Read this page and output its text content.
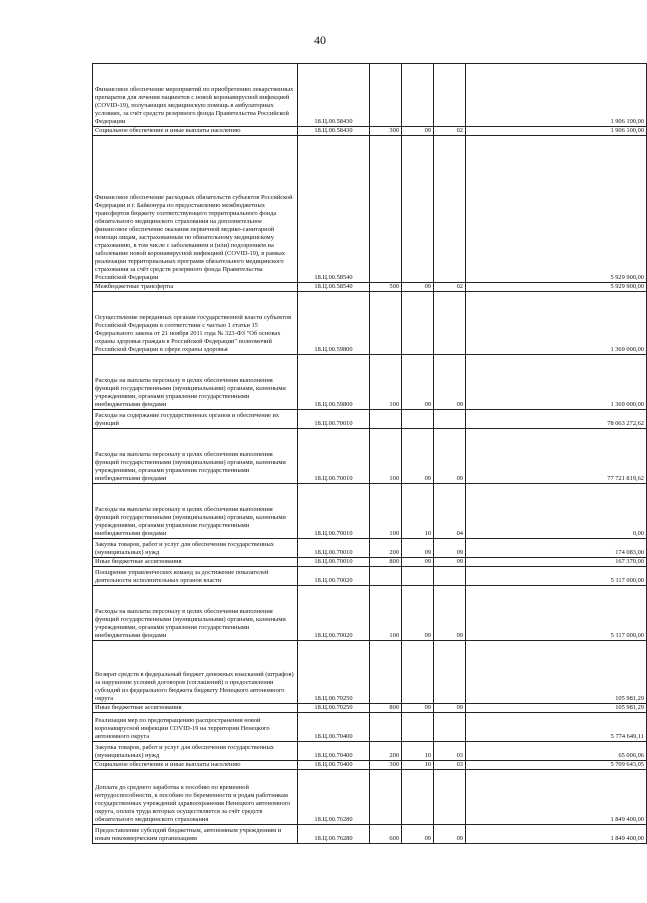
40
Финансовое обеспечение мероприятий по приобретению лекарственных препаратов для лечения пациентов с новой коронавирусной инфекцией (COVID-19), получающих медицинскую помощь в амбулаторных условиях, за счёт средств резервного фонда Правительства Российской Федерации	18.Ц.00.58430				1 906 100,00
Социальное обеспечение и иные выплаты населению	18.Ц.00.58430	300	09	02	1 906 100,00
Финансовое обеспечение расходных обязательств субъектов Российской Федерации и г. Байконура по предоставлению межбюджетных трансфертов бюджету соответствующего территориального фонда обязательного медицинского страхования на дополнительное финансовое обеспечение оказания первичной медико-санитарной помощи лицам, застрахованным по обязательному медицинскому страхованию, в том числе с заболеванием и (или) подозрением на заболевание новой коронавирусной инфекцией (COVID-19), в рамках реализации территориальных программ обязательного медицинского страхования за счёт средств резервного фонда Правительства Российской Федерации	18.Ц.00.58540				5 929 900,00
Межбюджетные трансферты	18.Ц.00.58540	500	09	02	5 929 900,00
Осуществление переданных органам государственной власти субъектов Российской Федерации в соответствии с частью 1 статьи 15 Федерального закона от 21 ноября 2011 года № 323-ФЗ "Об основах охраны здоровья граждан в Российской Федерации" полномочий Российской Федерации в сфере охраны здоровья	18.Ц.00.59800				1 369 000,00
Расходы на выплаты персоналу в целях обеспечения выполнения функций государственными (муниципальными) органами, казенными учреждениями, органами управления государственными внебюджетными фондами	18.Ц.00.59800	100	09	09	1 369 000,00
Расходы на содержание государственных органов и обеспечение их функций	18.Ц.00.70010				78 063 272,62
Расходы на выплаты персоналу в целях обеспечения выполнения функций государственными (муниципальными) органами, казенными учреждениями, органами управления государственными внебюджетными фондами	18.Ц.00.70010	100	09	09	77 721 819,62
Расходы на выплаты персоналу в целях обеспечения выполнения функций государственными (муниципальными) органами, казенными учреждениями, органами управления государственными внебюджетными фондами	18.Ц.00.70010	100	10	04	0,00
Закупка товаров, работ и услуг для обеспечения государственных (муниципальных) нужд	18.Ц.00.70010	200	09	09	174 083,00
Иные бюджетные ассигнования	18.Ц.00.70010	800	09	09	167 370,00
Поощрение управленческих команд за достижение показателей деятельности исполнительных органов власти	18.Ц.00.70020				5 117 000,00
Расходы на выплаты персоналу в целях обеспечения выполнения функций государственными (муниципальными) органами, казенными учреждениями, органами управления государственными внебюджетными фондами	18.Ц.00.70020	100	09	09	5 117 000,00
Возврат средств в федеральный бюджет денежных взысканий (штрафов) за нарушение условий договоров (соглашений) о предоставлении субсидий из федерального бюджета бюджету Ненецкого автономного округа	18.Ц.00.70250				105 981,29
Иные бюджетные ассигнования	18.Ц.00.70250	800	09	09	105 981,29
Реализация мер по предотвращению распространения новой коронавирусной инфекции COVID-19 на территории Ненецкого автономного округа	18.Ц.00.70400				5 774 649,11
Закупка товаров, работ и услуг для обеспечения государственных (муниципальных) нужд	18.Ц.00.70400	200	10	03	65 006,06
Социальное обеспечение и иные выплаты населению	18.Ц.00.70400	300	10	03	5 709 643,05
Доплата до среднего заработка к пособию по временной нетрудоспособности, к пособию по беременности и родам работникам государственных учреждений здравоохранения Ненецкого автономного округа, оплата труда которых осуществляется за счёт средств обязательного медицинского страхования	18.Ц.00.76280				1 849 400,00
Предоставление субсидий бюджетным, автономным учреждениям и иным некоммерческим организациям	18.Ц.00.76280	600	09	09	1 849 400,00
